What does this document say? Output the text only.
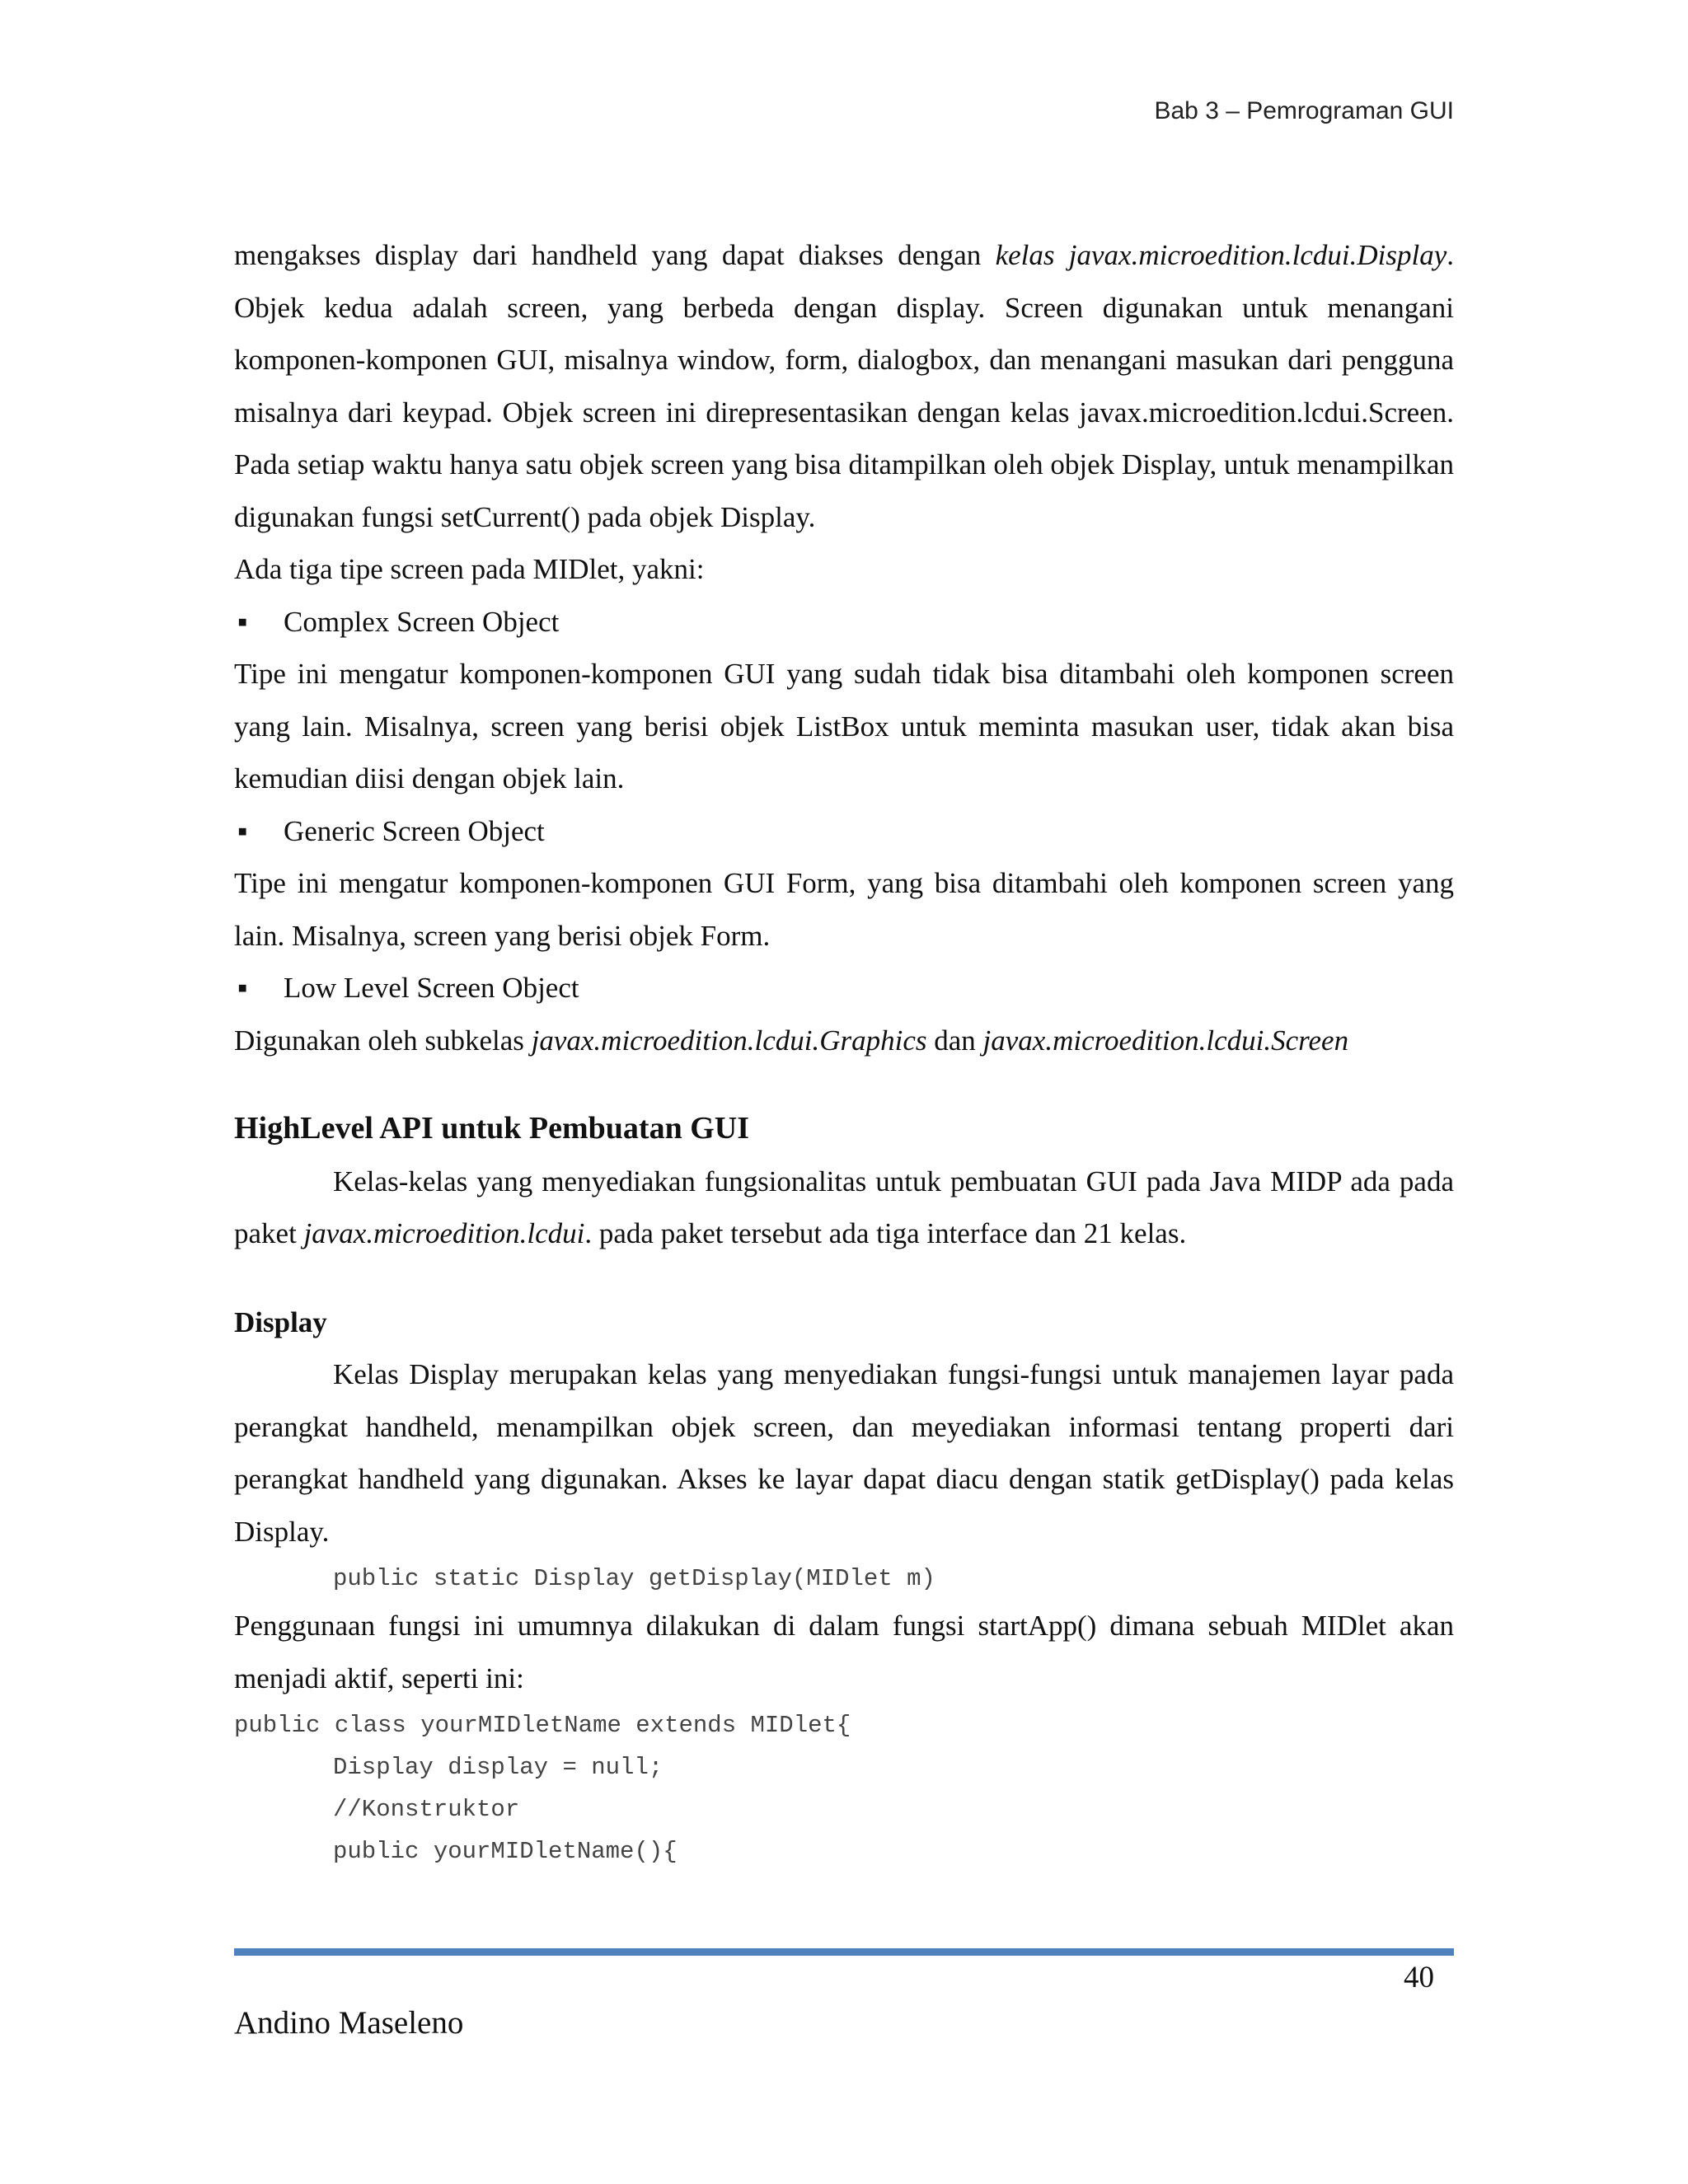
Bab 3 – Pemrograman GUI

mengakses display dari handheld yang dapat diakses dengan kelas javax.microedition.lcdui.Display. Objek kedua adalah screen, yang berbeda dengan display. Screen digunakan untuk menangani komponen-komponen GUI, misalnya window, form, dialogbox, dan menangani masukan dari pengguna misalnya dari keypad. Objek screen ini direpresentasikan dengan kelas javax.microedition.lcdui.Screen. Pada setiap waktu hanya satu objek screen yang bisa ditampilkan oleh objek Display, untuk menampilkan digunakan fungsi setCurrent() pada objek Display.

Ada tiga tipe screen pada MIDlet, yakni:

▪	Complex Screen Object

Tipe ini mengatur komponen-komponen GUI yang sudah tidak bisa ditambahi oleh komponen screen yang lain. Misalnya, screen yang berisi objek ListBox untuk meminta masukan user, tidak akan bisa kemudian diisi dengan objek lain.

▪	Generic Screen Object

Tipe ini mengatur komponen-komponen GUI Form, yang bisa ditambahi oleh komponen screen yang lain. Misalnya, screen yang berisi objek Form.

▪	Low Level Screen Object

Digunakan oleh subkelas javax.microedition.lcdui.Graphics dan javax.microedition.lcdui.Screen

HighLevel API untuk Pembuatan GUI

Kelas-kelas yang menyediakan fungsionalitas untuk pembuatan GUI pada Java MIDP ada pada paket javax.microedition.lcdui. pada paket tersebut ada tiga interface dan 21 kelas.

Display

Kelas Display merupakan kelas yang menyediakan fungsi-fungsi untuk manajemen layar pada perangkat handheld, menampilkan objek screen, dan meyediakan informasi tentang properti dari perangkat handheld yang digunakan. Akses ke layar dapat diacu dengan statik getDisplay() pada kelas Display.

public static Display getDisplay(MIDlet m)

Penggunaan fungsi ini umumnya dilakukan di dalam fungsi startApp() dimana sebuah MIDlet akan menjadi aktif, seperti ini:

public class yourMIDletName extends MIDlet{
Display display = null;
//Konstruktor
public yourMIDletName(){
40
Andino Maseleno
